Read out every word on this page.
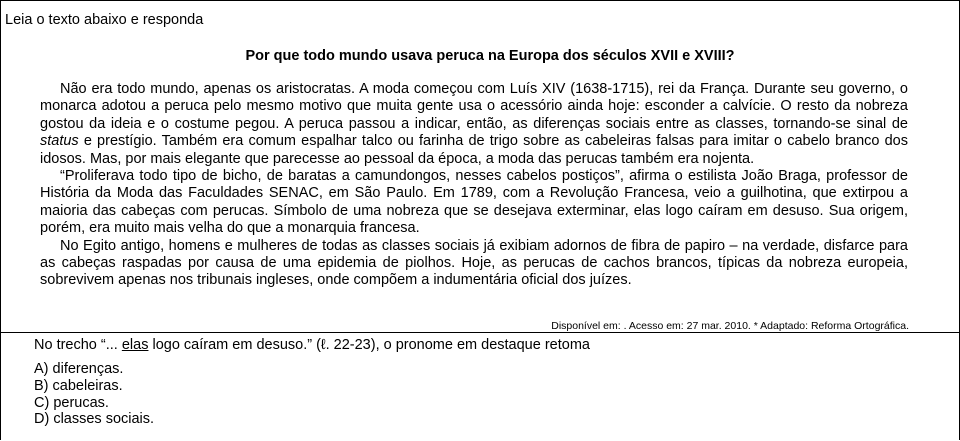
Leia o texto abaixo e responda
Por que todo mundo usava peruca na Europa dos séculos XVII e XVIII?

Não era todo mundo, apenas os aristocratas. A moda começou com Luís XIV (1638-1715), rei da França. Durante seu governo, o monarca adotou a peruca pelo mesmo motivo que muita gente usa o acessório ainda hoje: esconder a calvície. O resto da nobreza gostou da ideia e o costume pegou. A peruca passou a indicar, então, as diferenças sociais entre as classes, tornando-se sinal de status e prestígio. Também era comum espalhar talco ou farinha de trigo sobre as cabeleiras falsas para imitar o cabelo branco dos idosos. Mas, por mais elegante que parecesse ao pessoal da época, a moda das perucas também era nojenta.

“Proliferava todo tipo de bicho, de baratas a camundongos, nesses cabelos postiços”, afirma o estilista João Braga, professor de História da Moda das Faculdades SENAC, em São Paulo. Em 1789, com a Revolução Francesa, veio a guilhotina, que extirpou a maioria das cabeças com perucas. Símbolo de uma nobreza que se desejava exterminar, elas logo caíram em desuso. Sua origem, porém, era muito mais velha do que a monarquia francesa.

No Egito antigo, homens e mulheres de todas as classes sociais já exibiam adornos de fibra de papiro – na verdade, disfarce para as cabeças raspadas por causa de uma epidemia de piolhos. Hoje, as perucas de cachos brancos, típicas da nobreza europeia, sobrevivem apenas nos tribunais ingleses, onde compõem a indumentária oficial dos juízes.

Disponível em: . Acesso em: 27 mar. 2010. * Adaptado: Reforma Ortográfica.
No trecho “... elas logo caíram em desuso.” (ℓ. 22-23), o pronome em destaque retoma
A) diferenças.
B) cabeleiras.
C) perucas.
D) classes sociais.
